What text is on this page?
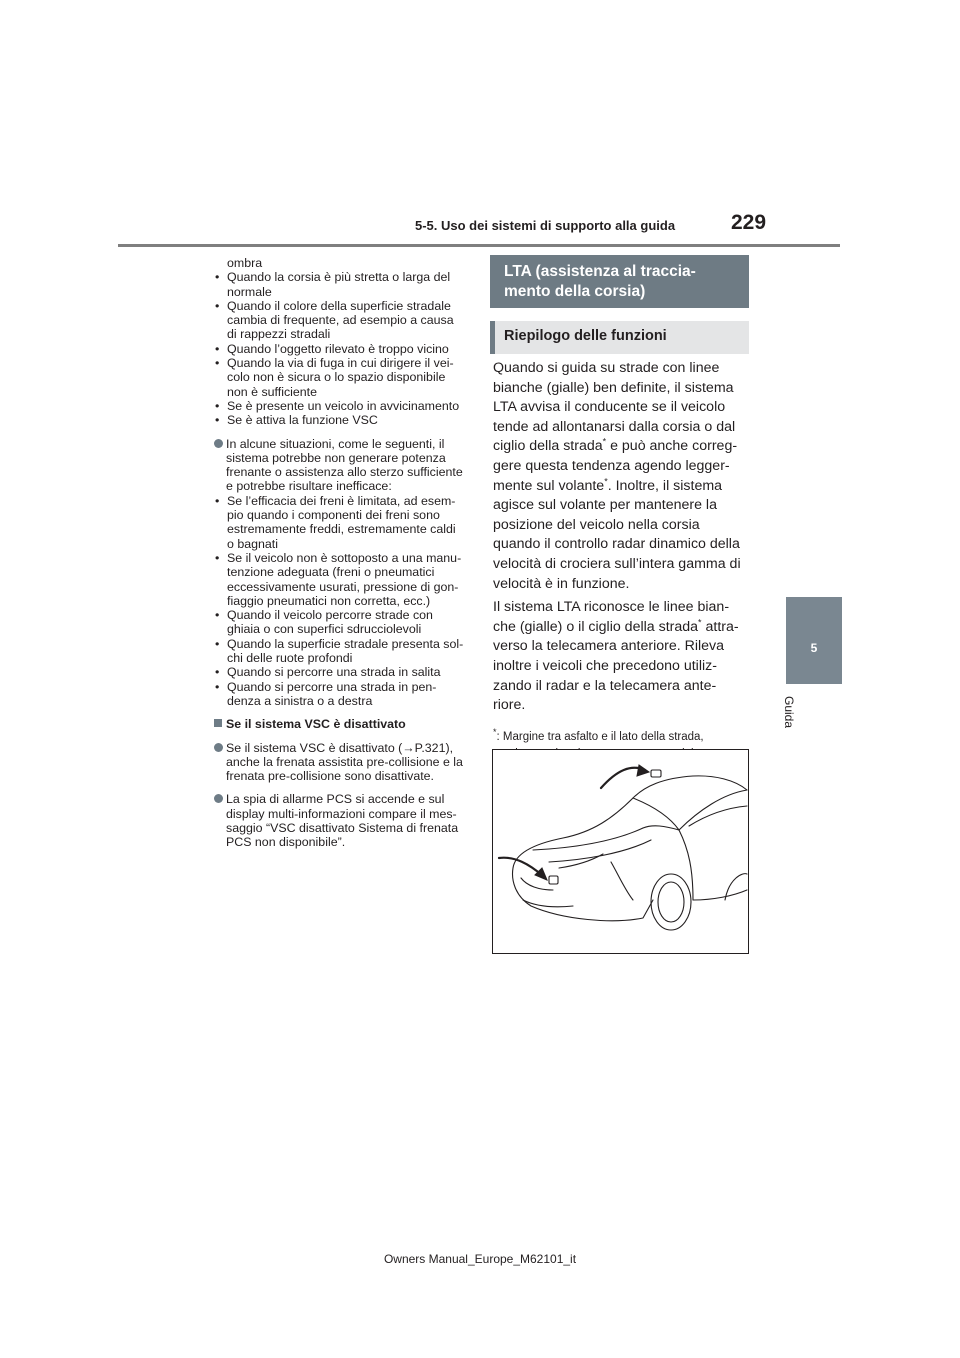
5-5. Uso dei sistemi di supporto alla guida	229
5
Guida

ombra

• Quando la corsia è più stretta o larga del
normale
• Quando il colore della superficie stradale
cambia di frequente, ad esempio a causa
di rappezzi stradali
• Quando l’oggetto rilevato è troppo vicino
• Quando la via di fuga in cui dirigere il vei-
colo non è sicura o lo spazio disponibile
non è sufficiente
• Se è presente un veicolo in avvicinamento
• Se è attiva la funzione VSC
In alcune situazioni, come le seguenti, il
sistema potrebbe non generare potenza
frenante o assistenza allo sterzo sufficiente
e potrebbe risultare inefficace:
• Se l’efficacia dei freni è limitata, ad esem-
pio quando i componenti dei freni sono
estremamente freddi, estremamente caldi
o bagnati
• Se il veicolo non è sottoposto a una manu-
tenzione adeguata (freni o pneumatici
eccessivamente usurati, pressione di gon-
fiaggio pneumatici non corretta, ecc.)
• Quando il veicolo percorre strade con
ghiaia o con superfici sdrucciolevoli
• Quando la superficie stradale presenta sol-
chi delle ruote profondi
• Quando si percorre una strada in salita
• Quando si percorre una strada in pen-
denza a sinistra o a destra
Se il sistema VSC è disattivato
Se il sistema VSC è disattivato (→P.321),
anche la frenata assistita pre-collisione e la
frenata pre-collisione sono disattivate.
La spia di allarme PCS si accende e sul
display multi-informazioni compare il mes-
saggio “VSC disattivato Sistema di frenata
PCS non disponibile”.
LTA (assistenza al traccia-
mento della corsia)
Riepilogo delle funzioni

Quando si guida su strade con linee
bianche (gialle) ben definite, il sistema
LTA avvisa il conducente se il veicolo
tende ad allontanarsi dalla corsia o dal
ciglio della strada* e può anche correg-
gere questa tendenza agendo legger-
mente sul volante*. Inoltre, il sistema
agisce sul volante per mantenere la
posizione del veicolo nella corsia
quando il controllo radar dinamico della
velocità di crociera sull’intera gamma di
velocità è in funzione.

Il sistema LTA riconosce le linee bian-
che (gialle) o il ciglio della strada* attra-
verso la telecamera anteriore. Rileva
inoltre i veicoli che precedono utiliz-
zando il radar e la telecamera ante-
riore.

*: Margine tra asfalto e il lato della strada,
Owners Manual_Europe_M62101_it
